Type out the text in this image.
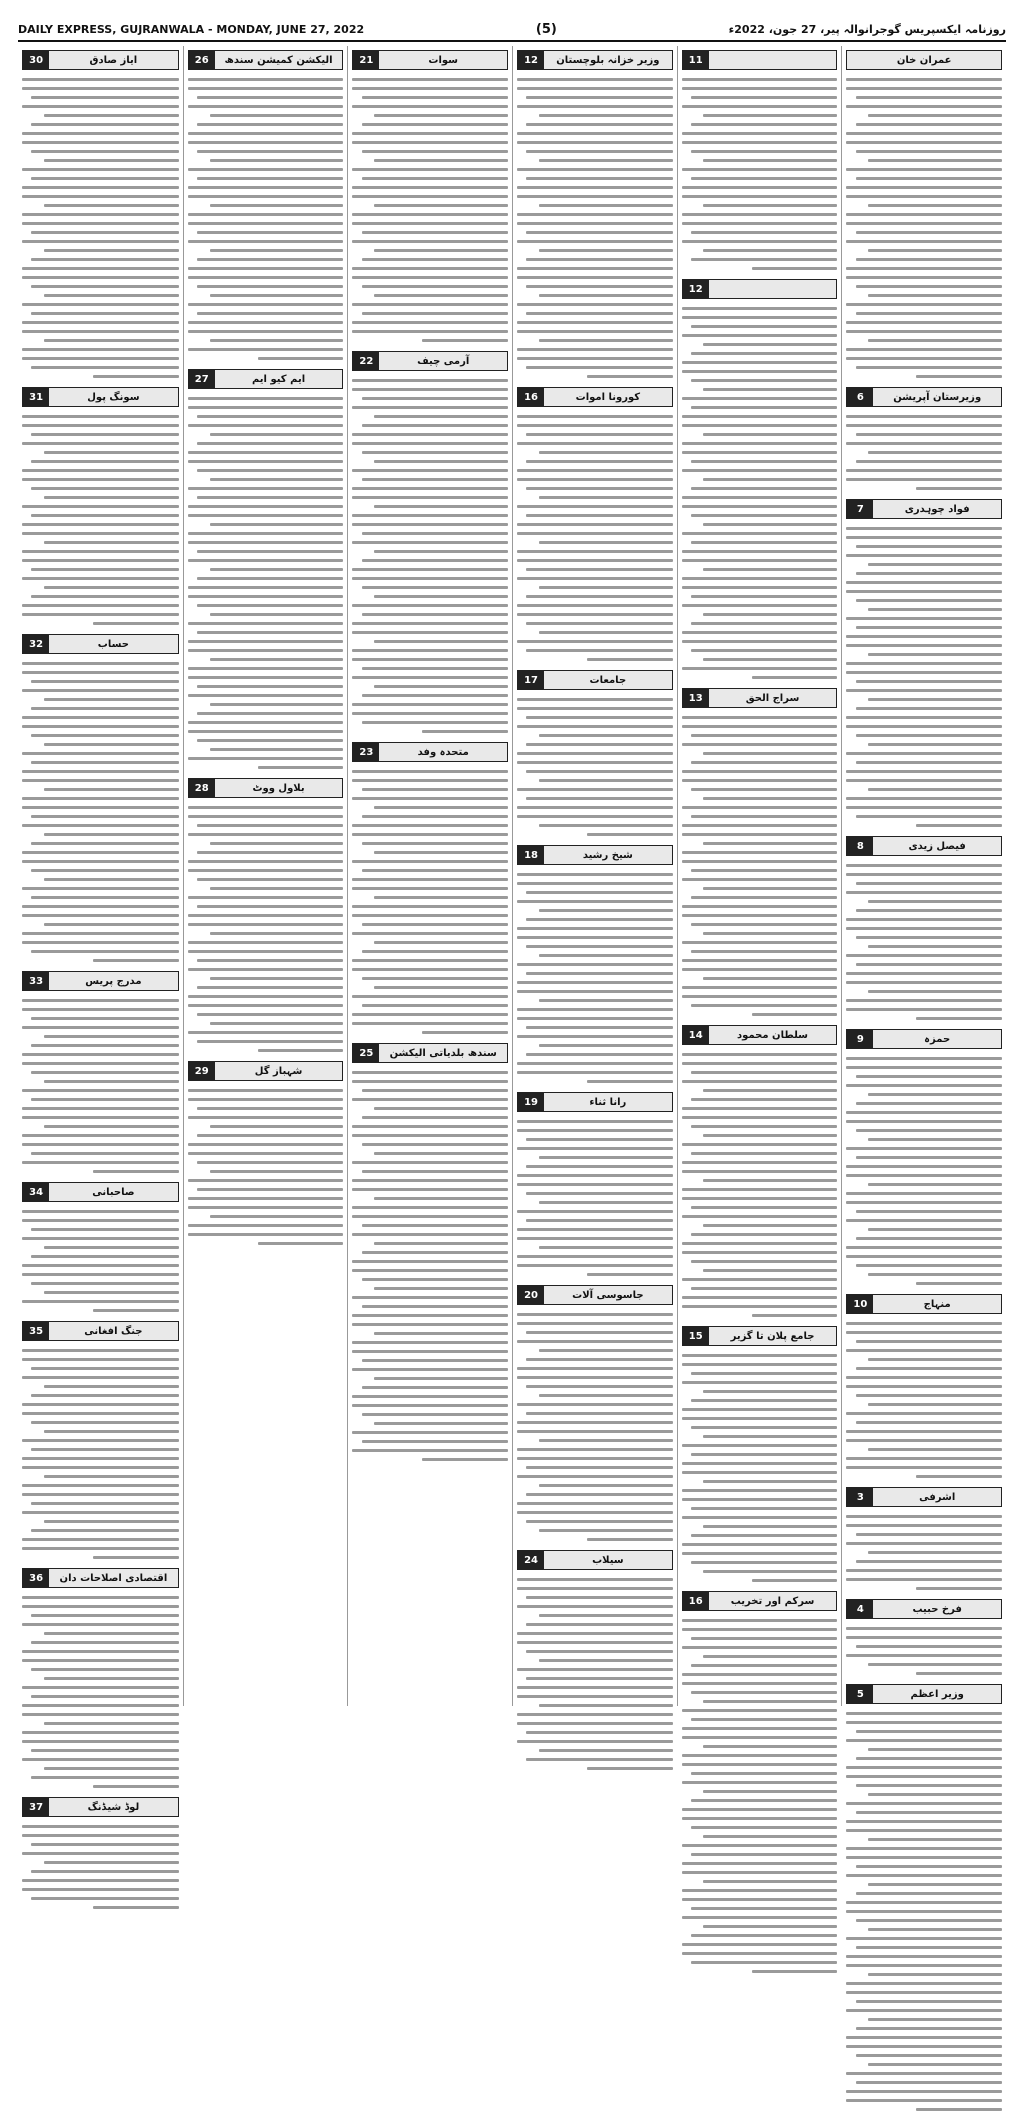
DAILY EXPRESS, GUJRANWALA - MONDAY, JUNE 27, 2022	(5)	روزنامہ ایکسپریس گوجرانوالہ پیر، 27 جون، 2022ء
عمران خان
6	وزیرستان آپریشن
7	فواد چوہدری
8	فیصل زیدی
9	حمزہ
10	منہاج
3	اشرفی
4	فرخ حبیب
5	وزیر اعظم
11
12
13	سراج الحق
14	سلطان محمود
15	جامع پلان تا گزیر
16	سرکم اور تخریب
12	وزیر خزانہ بلوچستان
16	کورونا اموات
17	جامعات
18	شیخ رشید
19	رانا ثناء
20	جاسوسی آلات
24	سیلاب
21	سوات
22	آرمی چیف
23	متحدہ وفد
25	سندھ بلدیاتی الیکشن
26	الیکشن کمیشن سندھ
27	ایم کیو ایم
28	بلاول ووٹ
29	شہباز گل
30	ایاز صادق
31	سونگ پول
32	حساب
33	مدرج پریس
34	صاحبانی
35	جنگ افغانی
36	اقتصادی اصلاحات دان
37	لوڈ شیڈنگ
